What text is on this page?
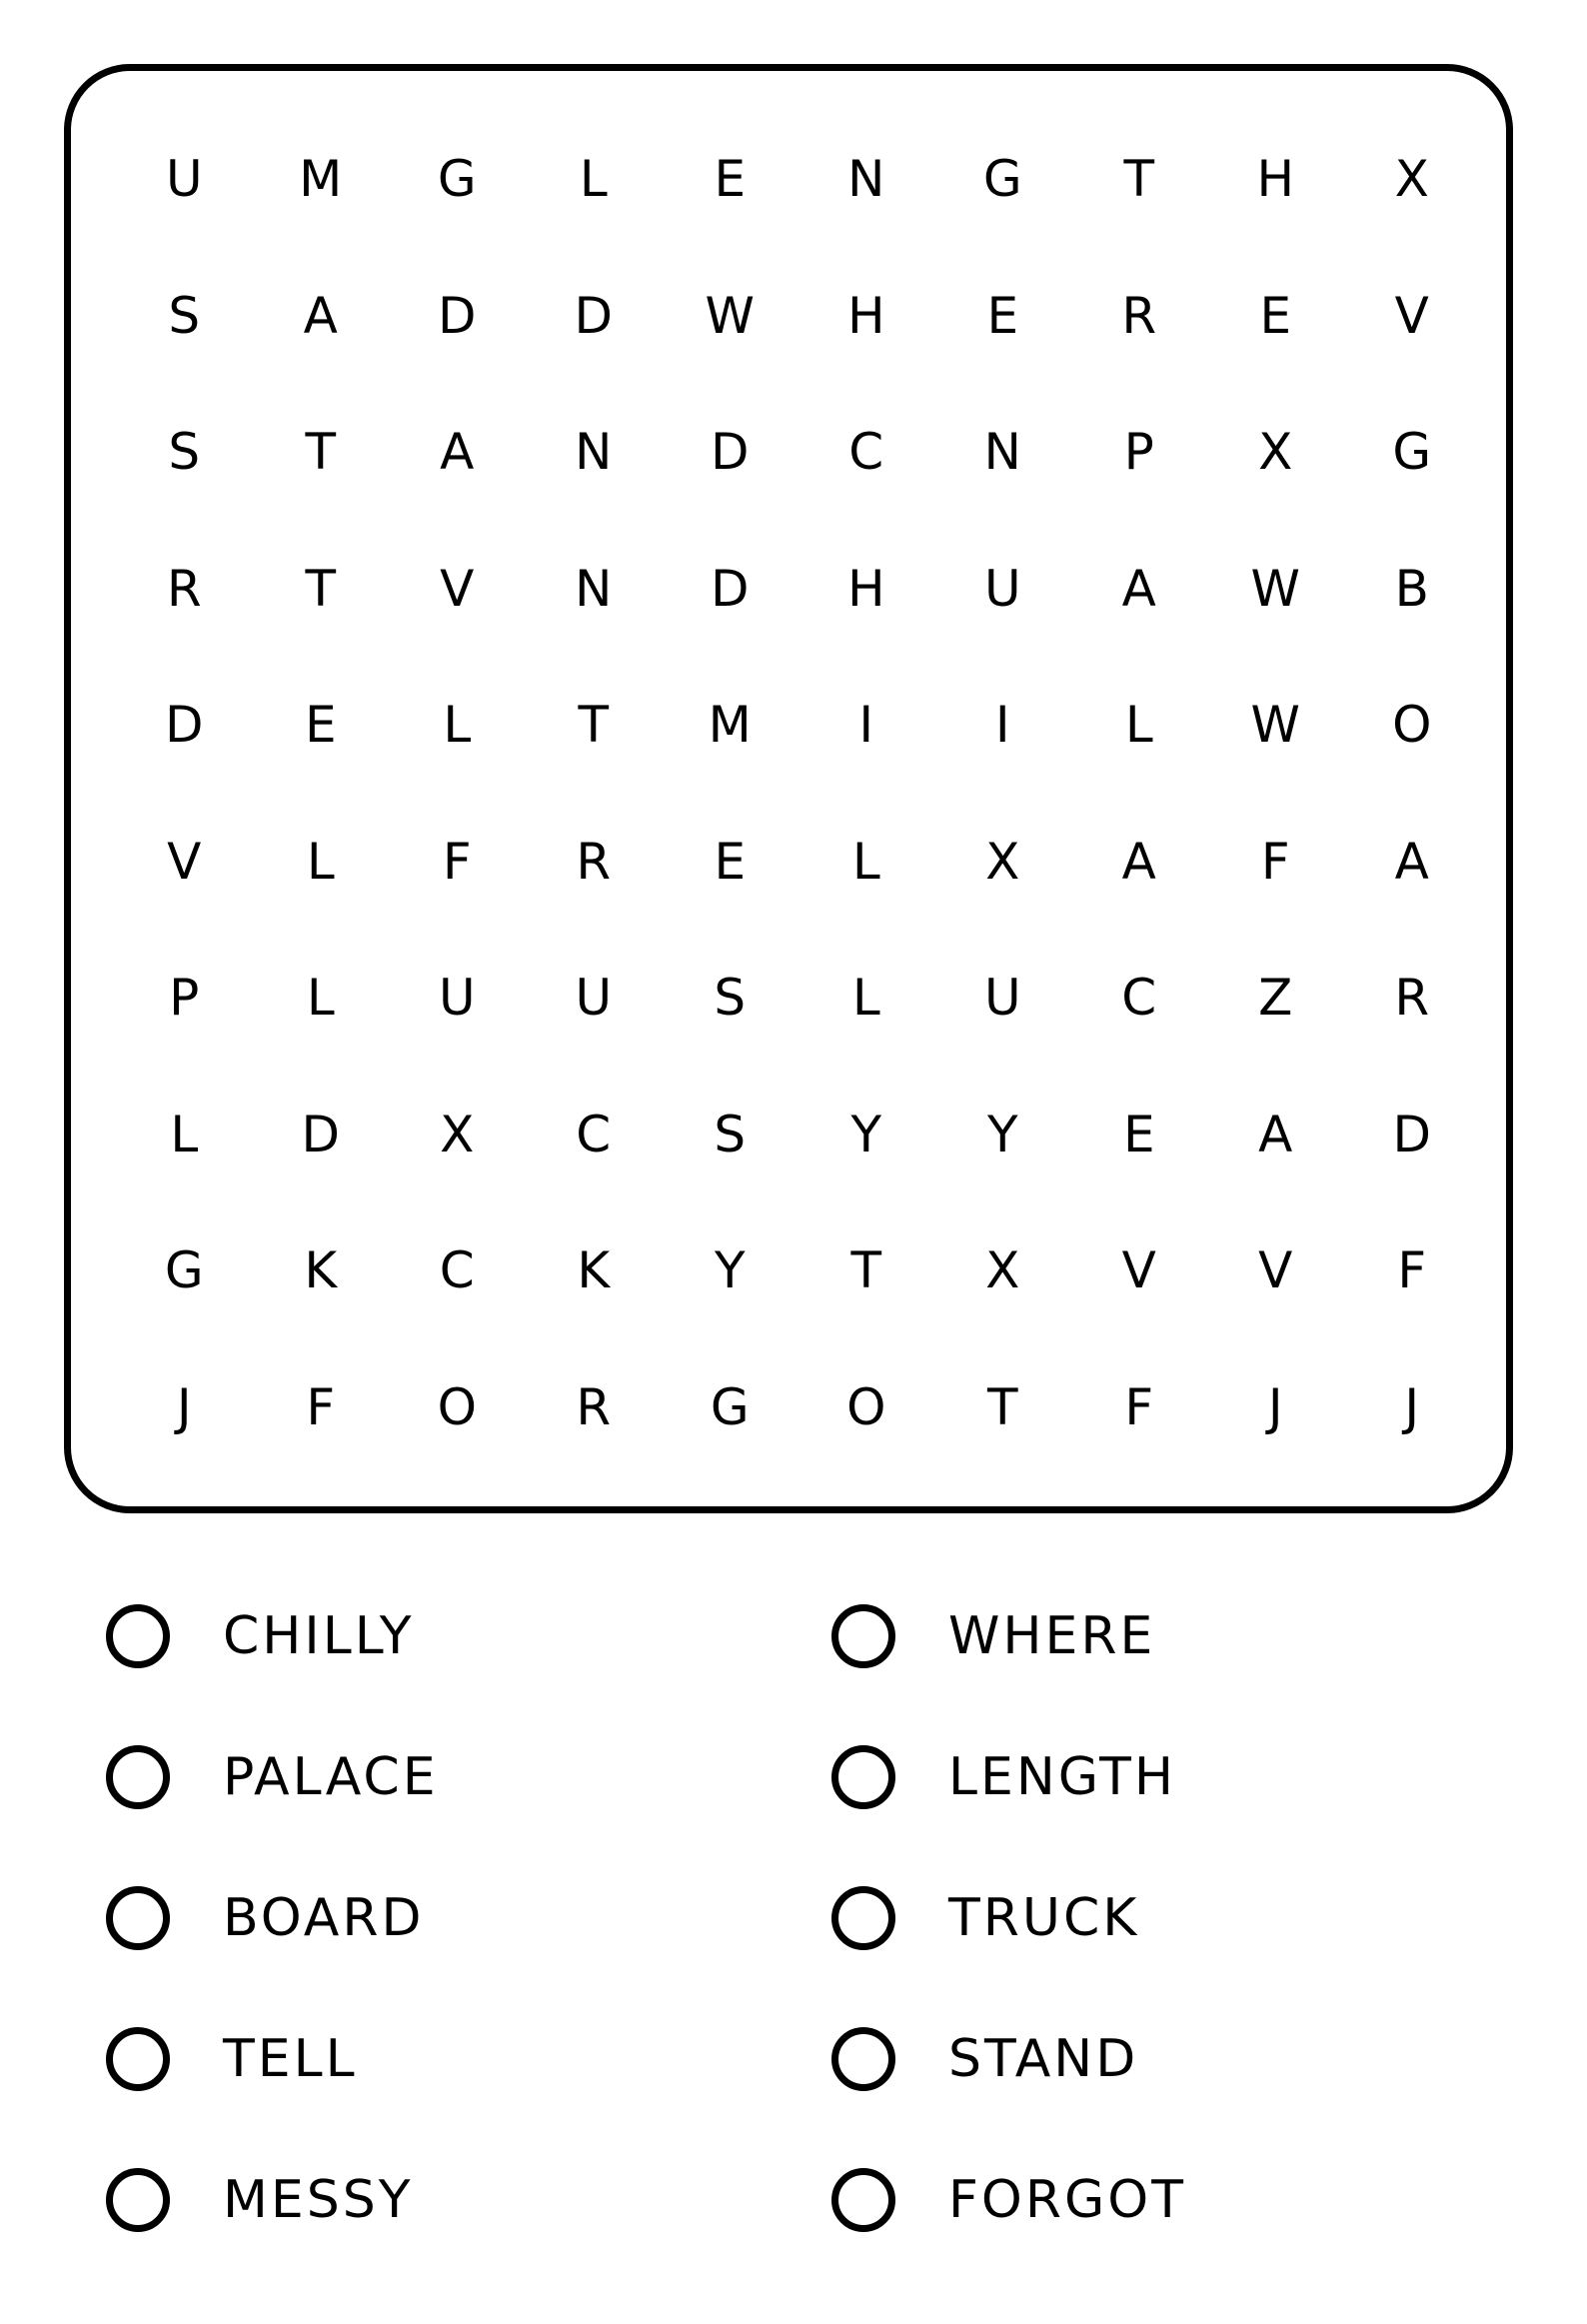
U	M	G	L	E	N	G	T	H	X
S	A	D	D	W	H	E	R	E	V
S	T	A	N	D	C	N	P	X	G
R	T	V	N	D	H	U	A	W	B
D	E	L	T	M	I	I	L	W	O
V	L	F	R	E	L	X	A	F	A
P	L	U	U	S	L	U	C	Z	R
L	D	X	C	S	Y	Y	E	A	D
G	K	C	K	Y	T	X	V	V	F
J	F	O	R	G	O	T	F	J	J
CHILLY	WHERE
PALACE	LENGTH
BOARD	TRUCK
TELL	STAND
MESSY	FORGOT
